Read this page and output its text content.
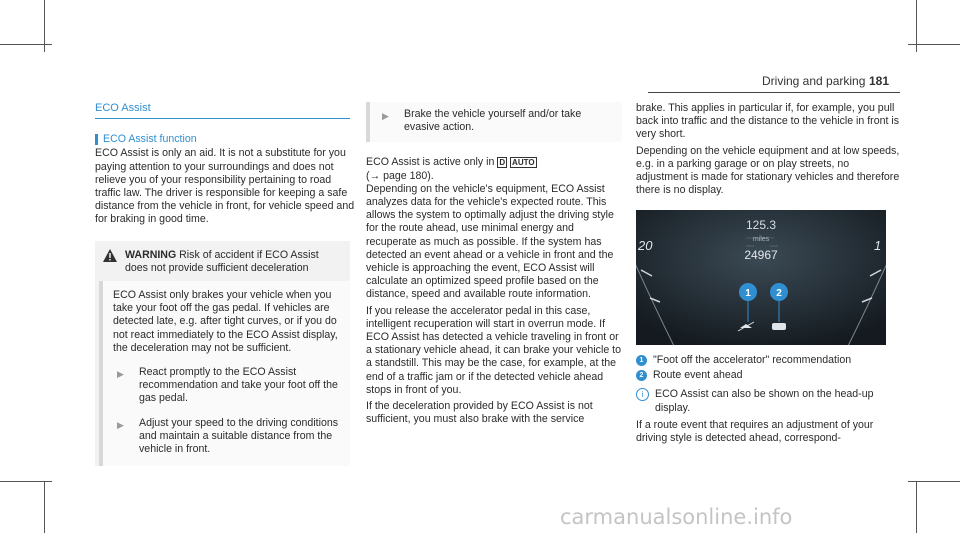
Driving and parking 181
ECO Assist
ECO Assist function

ECO Assist is only an aid. It is not a substitute for you paying attention to your surroundings and does not relieve you of your responsibility pertaining to road traffic law. The driver is responsible for keeping a safe distance from the vehicle in front, for vehicle speed and for braking in good time.

WARNING Risk of accident if ECO Assist does not provide sufficient deceleration

ECO Assist only brakes your vehicle when you take your foot off the gas pedal. If vehicles are detected late, e.g. after tight curves, or if you do not react immediately to the ECO Assist display, the deceleration may not be sufficient.

▶	React promptly to the ECO Assist recommendation and take your foot off the gas pedal.
▶	Adjust your speed to the driving conditions and maintain a suitable distance from the vehicle in front.
▶	Brake the vehicle yourself and/or take evasive action.

ECO Assist is active only in D AUTO
(→ page 180).

Depending on the vehicle's equipment, ECO Assist analyzes data for the vehicle's expected route. This allows the system to optimally adjust the driving style for the route ahead, use minimal energy and recuperate as much as possible. If the system has detected an event ahead or a vehicle in front and the vehicle is approaching the event, ECO Assist will calculate an optimized speed profile based on the distance, speed and available route information.

If you release the accelerator pedal in this case, intelligent recuperation will start in overrun mode. If ECO Assist has detected a vehicle traveling in front or a stationary vehicle ahead, it can brake your vehicle to a standstill. This may be the case, for example, at the end of a traffic jam or if the detected vehicle ahead stops in front of you.

If the deceleration provided by ECO Assist is not sufficient, you must also brake with the service

brake. This applies in particular if, for example, you pull back into traffic and the distance to the vehicle in front is very short.

Depending on the vehicle equipment and at low speeds, e.g. in a parking garage or on play streets, no adjustment is made for stationary vehicles and therefore there is no display.

1	2
125.3
miles
24967
20	1
1 "Foot off the accelerator" recommendation
2 Route event ahead
i	ECO Assist can also be shown on the head-up display.

If a route event that requires an adjustment of your driving style is detected ahead, correspond-

carmanualsonline.info
